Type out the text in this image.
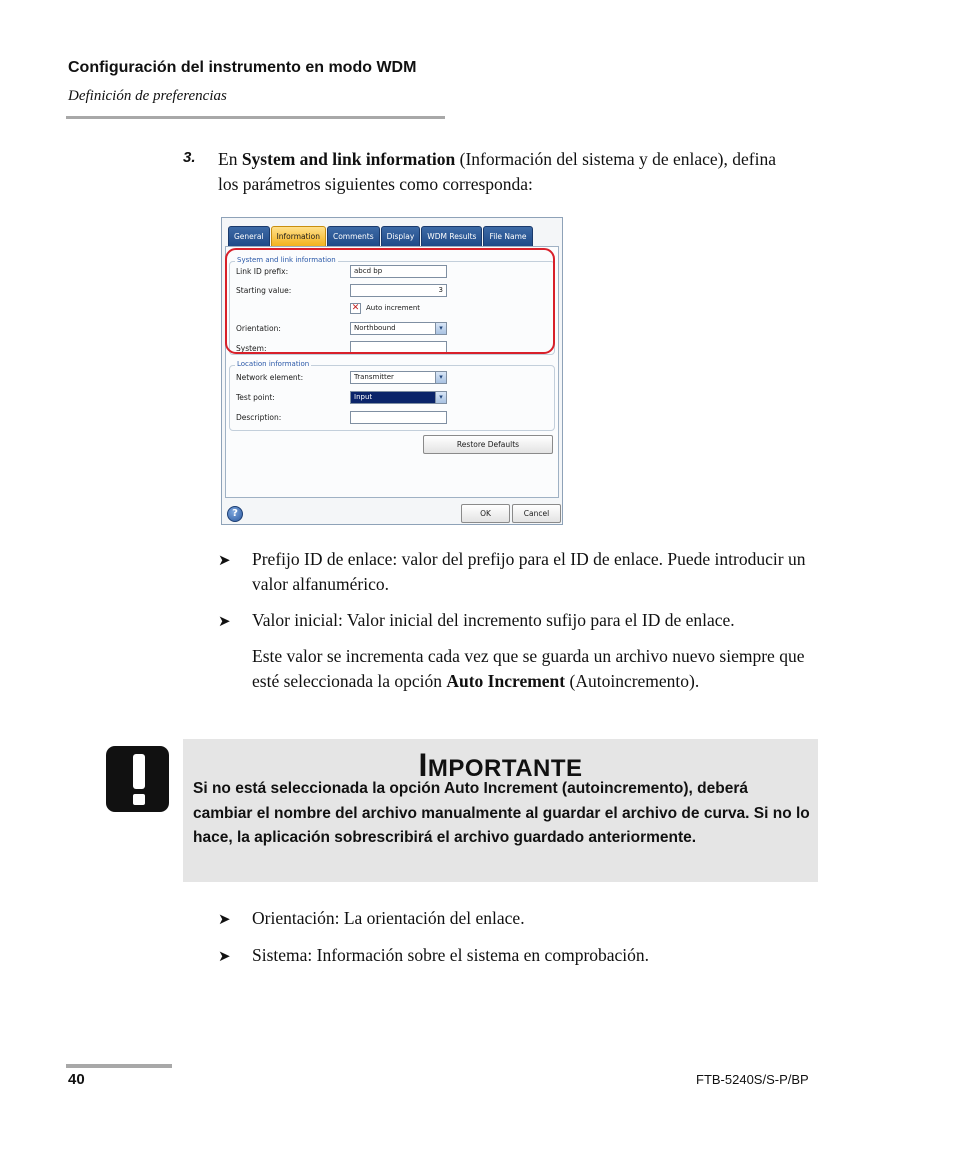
Configuración del instrumento en modo WDM
Definición de preferencias
3. En System and link information (Información del sistema y de enlace), defina los parámetros siguientes como corresponda:
General	Information	Comments	Display	WDM Results	File Name
System and link information
Link ID prefix:	abcd bp
Starting value:	3
✕ Auto increment
Orientation:	Northbound	▾
System:
Location information
Network element:	Transmitter	▾
Test point:	Input	▾
Description:
Restore Defaults
?	OK	Cancel
➤ Prefijo ID de enlace: valor del prefijo para el ID de enlace. Puede introducir un valor alfanumérico.
➤ Valor inicial: Valor inicial del incremento sufijo para el ID de enlace.
Este valor se incrementa cada vez que se guarda un archivo nuevo siempre que esté seleccionada la opción Auto Increment (Autoincremento).
IMPORTANTE
Si no está seleccionada la opción Auto Increment (autoincremento), deberá cambiar el nombre del archivo manualmente al guardar el archivo de curva. Si no lo hace, la aplicación sobrescribirá el archivo guardado anteriormente.
➤ Orientación: La orientación del enlace.
➤ Sistema: Información sobre el sistema en comprobación.
40	FTB-5240S/S-P/BP
